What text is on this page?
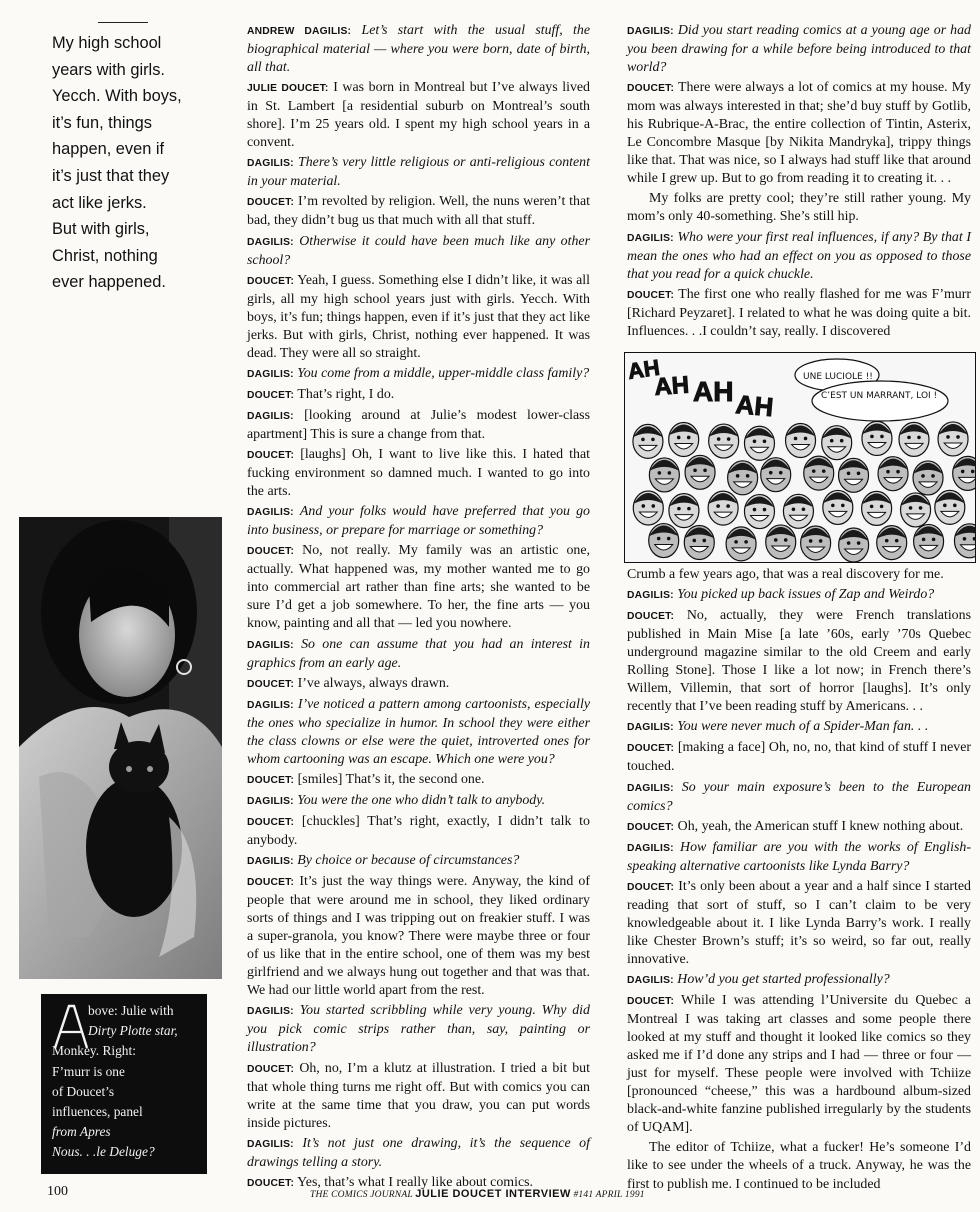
My high school
years with girls.
Yecch. With boys,
it’s fun, things
happen, even if
it’s just that they
act like jerks.
But with girls,
Christ, nothing
ever happened.
bove: Julie with
Dirty Plotte star,
Monkey. Right:
F’murr is one
of Doucet’s
influences, panel
from Apres
Nous. . .le Deluge?
ANDREW DAGILIS: Let’s start with the usual stuff, the biographical material — where you were born, date of birth, all that.
JULIE DOUCET: I was born in Montreal but I’ve always lived in St. Lambert [a residential suburb on Montreal’s south shore]. I’m 25 years old. I spent my high school years in a convent.
DAGILIS: There’s very little religious or anti-religious content in your material.
DOUCET: I’m revolted by religion. Well, the nuns weren’t that bad, they didn’t bug us that much with all that stuff.
DAGILIS: Otherwise it could have been much like any other school?
DOUCET: Yeah, I guess. Something else I didn’t like, it was all girls, all my high school years just with girls. Yecch. With boys, it’s fun; things happen, even if it’s just that they act like jerks. But with girls, Christ, nothing ever happened. It was dead. They were all so straight.
DAGILIS: You come from a middle, upper-middle class family?
DOUCET: That’s right, I do.
DAGILIS: [looking around at Julie’s modest lower-class apartment] This is sure a change from that.
DOUCET: [laughs] Oh, I want to live like this. I hated that fucking environment so damned much. I wanted to go into the arts.
DAGILIS: And your folks would have preferred that you go into business, or prepare for marriage or something?
DOUCET: No, not really. My family was an artistic one, actually. What happened was, my mother wanted me to go into commercial art rather than fine arts; she wanted to be sure I’d get a job somewhere. To her, the fine arts — you know, painting and all that — led you nowhere.
DAGILIS: So one can assume that you had an interest in graphics from an early age.
DOUCET: I’ve always, always drawn.
DAGILIS: I’ve noticed a pattern among cartoonists, especially the ones who specialize in humor. In school they were either the class clowns or else were the quiet, introverted ones for whom cartooning was an escape. Which one were you?
DOUCET: [smiles] That’s it, the second one.
DAGILIS: You were the one who didn’t talk to anybody.
DOUCET: [chuckles] That’s right, exactly, I didn’t talk to anybody.
DAGILIS: By choice or because of circumstances?
DOUCET: It’s just the way things were. Anyway, the kind of people that were around me in school, they liked ordinary sorts of things and I was tripping out on freakier stuff. I was a super-granola, you know? There were maybe three or four of us like that in the entire school, one of them was my best girlfriend and we always hung out together and that was that. We had our little world apart from the rest.
DAGILIS: You started scribbling while very young. Why did you pick comic strips rather than, say, painting or illustration?
DOUCET: Oh, no, I’m a klutz at illustration. I tried a bit but that whole thing turns me right off. But with comics you can write at the same time that you draw, you can put words inside pictures.
DAGILIS: It’s not just one drawing, it’s the sequence of drawings telling a story.
DOUCET: Yes, that’s what I really like about comics.
DAGILIS: Did you start reading comics at a young age or had you been drawing for a while before being introduced to that world?
DOUCET: There were always a lot of comics at my house. My mom was always interested in that; she’d buy stuff by Gotlib, his Rubrique-A-Brac, the entire collection of Tintin, Asterix, Le Concombre Masque [by Nikita Mandryka], trippy things like that. That was nice, so I always had stuff like that around while I grew up. But to go from reading it to creating it. . .
My folks are pretty cool; they’re still rather young. My mom’s only 40-something. She’s still hip.
DAGILIS: Who were your first real influences, if any? By that I mean the ones who had an effect on you as opposed to those that you read for a quick chuckle.
DOUCET: The first one who really flashed for me was F’murr [Richard Peyzaret]. I related to what he was doing quite a bit. Influences. . .I couldn’t say, really. I discovered
AH
AH AH AH
UNE LUCIOLE !!
C’EST UN MARRANT, LOI !
Crumb a few years ago, that was a real discovery for me.
DAGILIS: You picked up back issues of Zap and Weirdo?
DOUCET: No, actually, they were French translations published in Main Mise [a late ’60s, early ’70s Quebec underground magazine similar to the old Creem and early Rolling Stone]. Those I like a lot now; in French there’s Willem, Villemin, that sort of horror [laughs]. It’s only recently that I’ve been reading stuff by Americans. . .
DAGILIS: You were never much of a Spider-Man fan. . .
DOUCET: [making a face] Oh, no, no, that kind of stuff I never touched.
DAGILIS: So your main exposure’s been to the European comics?
DOUCET: Oh, yeah, the American stuff I knew nothing about.
DAGILIS: How familiar are you with the works of English-speaking alternative cartoonists like Lynda Barry?
DOUCET: It’s only been about a year and a half since I started reading that sort of stuff, so I can’t claim to be very knowledgeable about it. I like Lynda Barry’s work. I really like Chester Brown’s stuff; it’s so weird, so far out, really innovative.
DAGILIS: How’d you get started professionally?
DOUCET: While I was attending l’Universite du Quebec a Montreal I was taking art classes and some people there looked at my stuff and thought it looked like comics so they asked me if I’d done any strips and I had — three or four — just for myself. These people were involved with Tchiize [pronounced “cheese,” this was a hardbound album-sized black-and-white fanzine published irregularly by the students of UQAM].
The editor of Tchiize, what a fucker! He’s someone I’d like to see under the wheels of a truck. Anyway, he was the first to publish me. I continued to be included
100	THE COMICS JOURNAL JULIE DOUCET INTERVIEW #141 APRIL 1991
